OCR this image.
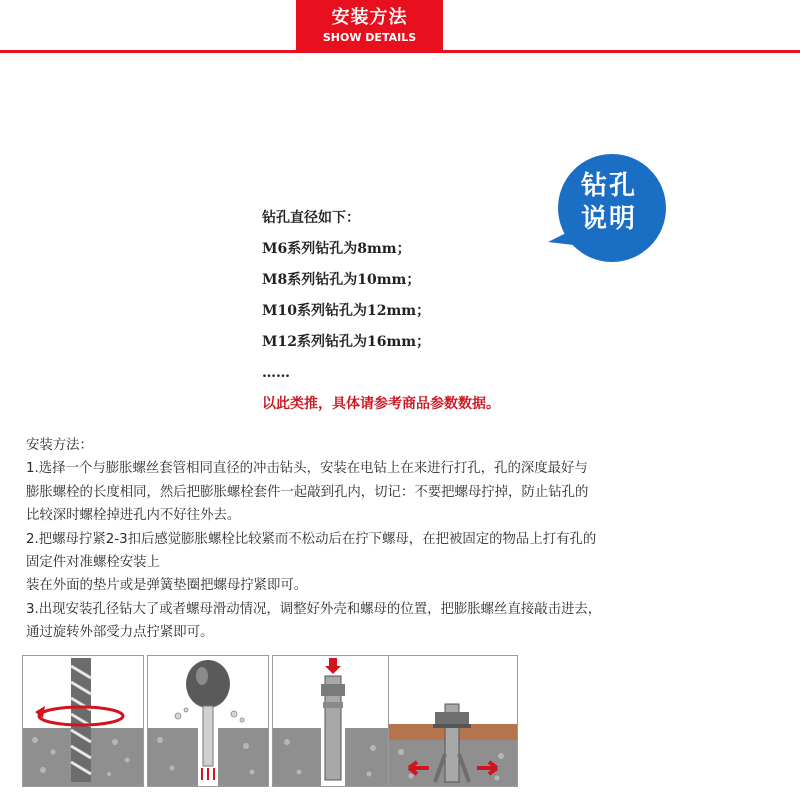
安装方法
SHOW DETAILS
钻孔
说明
钻孔直径如下：
M6系列钻孔为8mm；
M8系列钻孔为10mm；
M10系列钻孔为12mm；
M12系列钻孔为16mm；
……
以此类推，具体请参考商品参数数据。
安装方法：
1.选择一个与膨胀螺丝套管相同直径的冲击钻头，安装在电钻上在来进行打孔，孔的深度最好与
膨胀螺栓的长度相同，然后把膨胀螺栓套件一起敲到孔内，切记：不要把螺母拧掉，防止钻孔的
比较深时螺栓掉进孔内不好往外去。
2.把螺母拧紧2-3扣后感觉膨胀螺栓比较紧而不松动后在拧下螺母，在把被固定的物品上打有孔的
固定件对准螺栓安装上
装在外面的垫片或是弹簧垫圈把螺母拧紧即可。
3.出现安装孔径钻大了或者螺母滑动情况，调整好外壳和螺母的位置，把膨胀螺丝直接敲击进去，
通过旋转外部受力点拧紧即可。
